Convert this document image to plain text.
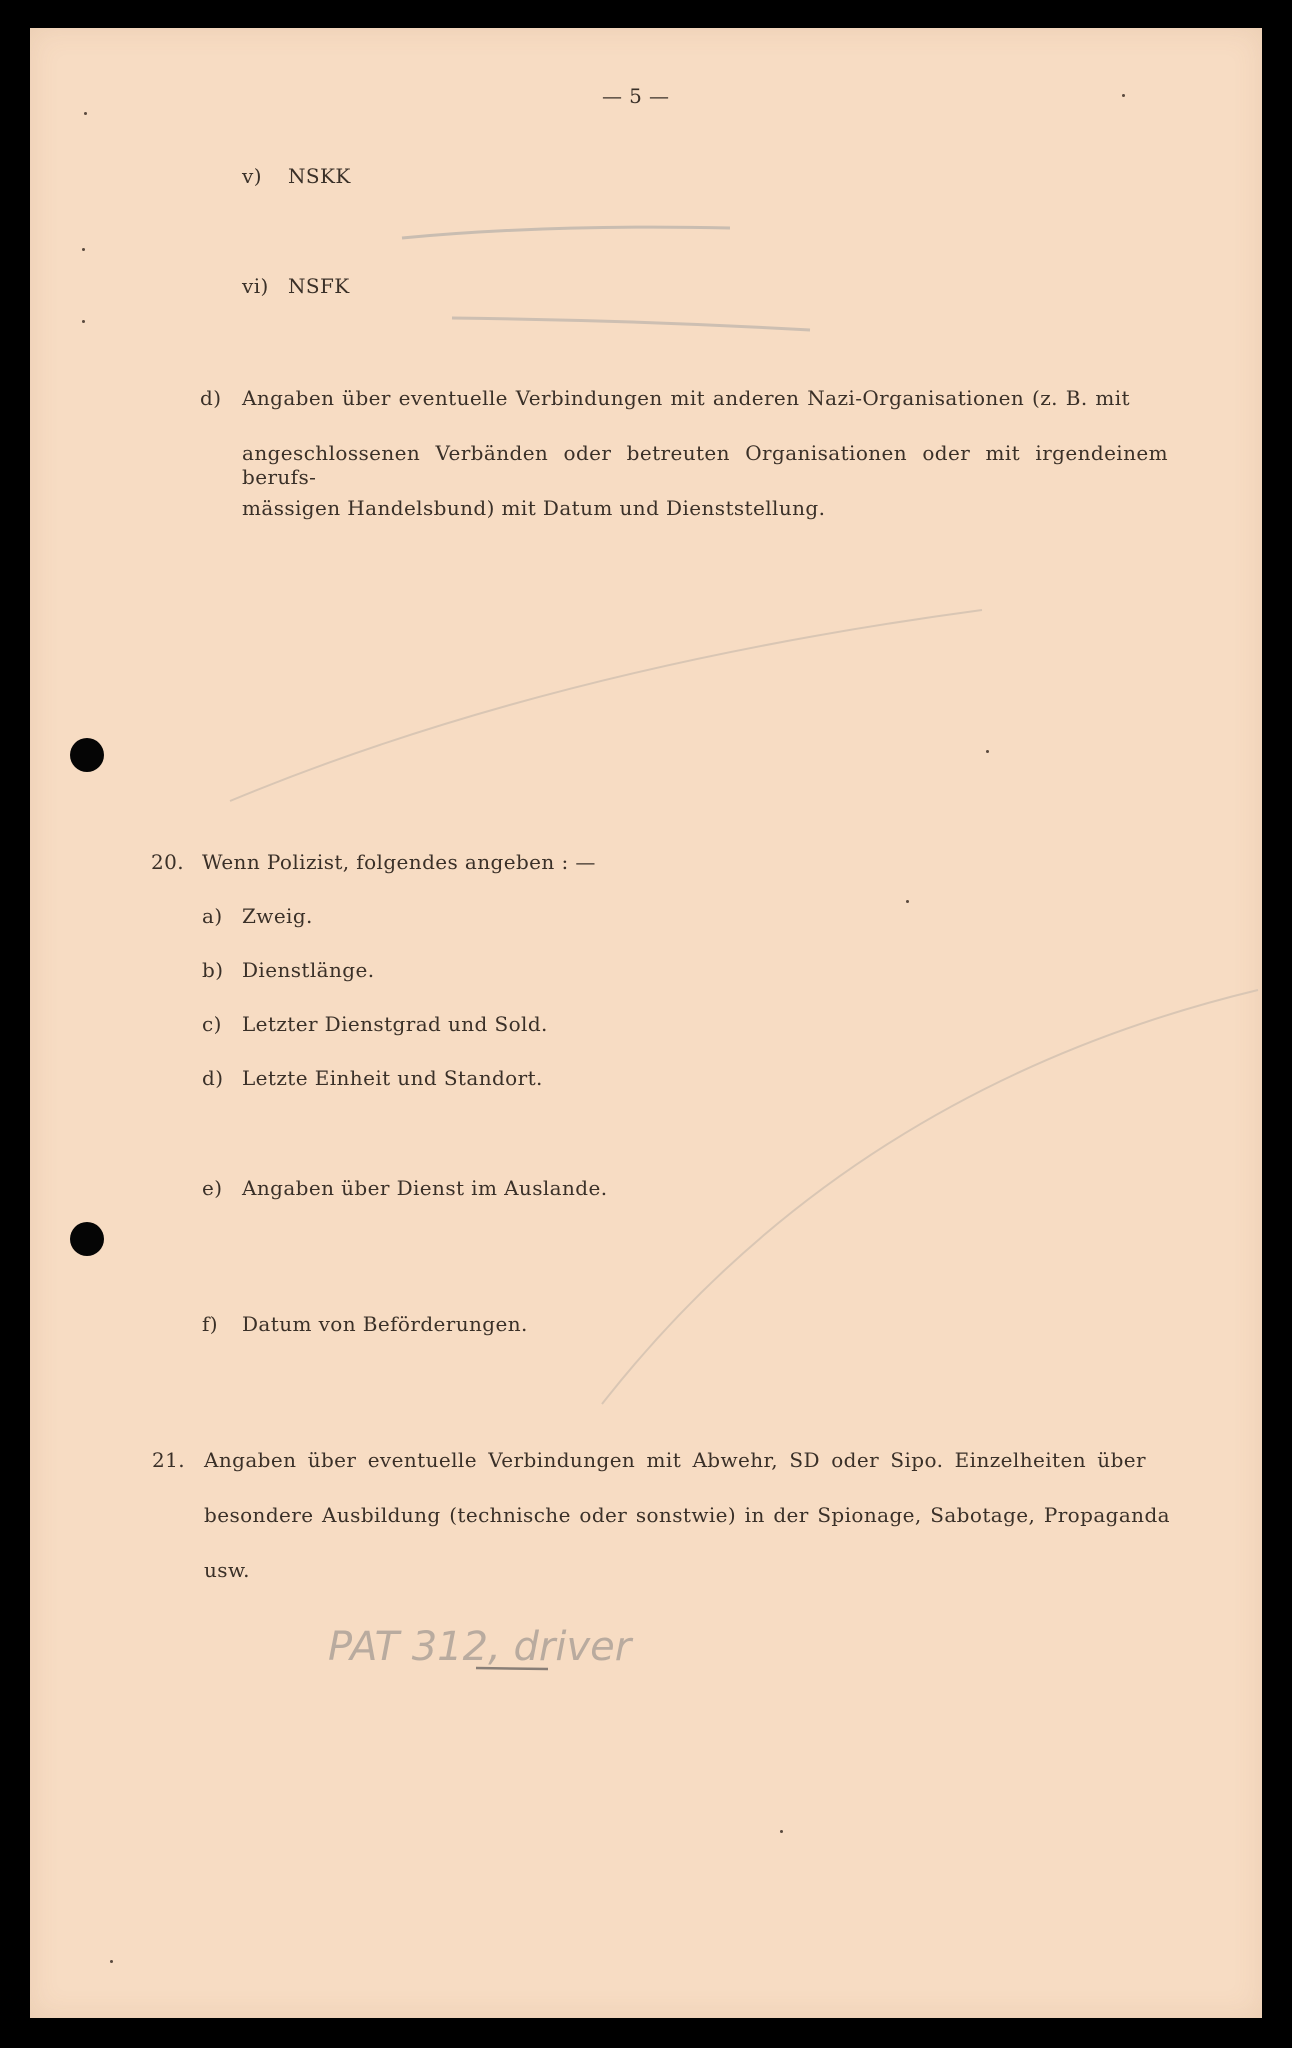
— 5 —
v) NSKK
vi) NSFK
d) Angaben über eventuelle Verbindungen mit anderen Nazi-Organisationen (z. B. mit
angeschlossenen Verbänden oder betreuten Organisationen oder mit irgendeinem berufs-
mässigen Handelsbund) mit Datum und Dienststellung.
20. Wenn Polizist, folgendes angeben : —
a) Zweig.
b) Dienstlänge.
c) Letzter Dienstgrad und Sold.
d) Letzte Einheit und Standort.
e) Angaben über Dienst im Auslande.
f) Datum von Beförderungen.
21. Angaben über eventuelle Verbindungen mit Abwehr, SD oder Sipo. Einzelheiten über
besondere Ausbildung (technische oder sonstwie) in der Spionage, Sabotage, Propaganda
usw.
PAT 312, driver
